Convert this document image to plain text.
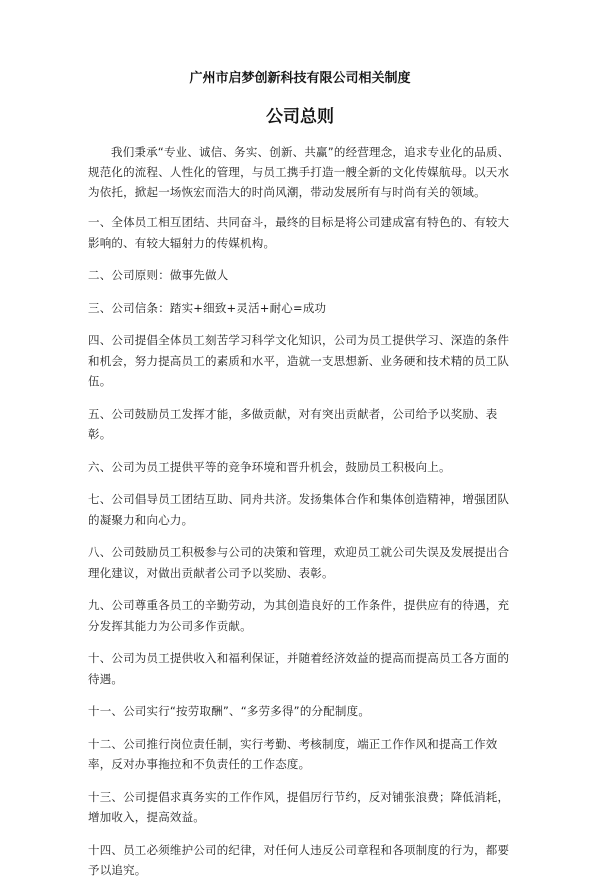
广州市启梦创新科技有限公司相关制度
公司总则

我们秉承“专业、诚信、务实、创新、共赢”的经营理念，追求专业化的品质、规范化的流程、人性化的管理，与员工携手打造一艘全新的文化传媒航母。以天水为依托，掀起一场恢宏而浩大的时尚风潮，带动发展所有与时尚有关的领域。

一、全体员工相互团结、共同奋斗，最终的目标是将公司建成富有特色的、有较大影响的、有较大辐射力的传媒机构。

二、公司原则：做事先做人

三、公司信条：踏实+细致+灵活+耐心=成功

四、公司提倡全体员工刻苦学习科学文化知识，公司为员工提供学习、深造的条件和机会，努力提高员工的素质和水平，造就一支思想新、业务硬和技术精的员工队伍。

五、公司鼓励员工发挥才能，多做贡献，对有突出贡献者，公司给予以奖励、表彰。

六、公司为员工提供平等的竞争环境和晋升机会，鼓励员工积极向上。

七、公司倡导员工团结互助、同舟共济。发扬集体合作和集体创造精神，增强团队的凝聚力和向心力。

八、公司鼓励员工积极参与公司的决策和管理，欢迎员工就公司失误及发展提出合理化建议，对做出贡献者公司予以奖励、表彰。

九、公司尊重各员工的辛勤劳动，为其创造良好的工作条件，提供应有的待遇，充分发挥其能力为公司多作贡献。

十、公司为员工提供收入和福利保证，并随着经济效益的提高而提高员工各方面的待遇。

十一、公司实行“按劳取酬”、“多劳多得”的分配制度。

十二、公司推行岗位责任制，实行考勤、考核制度，端正工作作风和提高工作效率，反对办事拖拉和不负责任的工作态度。

十三、公司提倡求真务实的工作作风，提倡厉行节约，反对铺张浪费；降低消耗，增加收入，提高效益。

十四、员工必须维护公司的纪律，对任何人违反公司章程和各项制度的行为，都要予以追究。
